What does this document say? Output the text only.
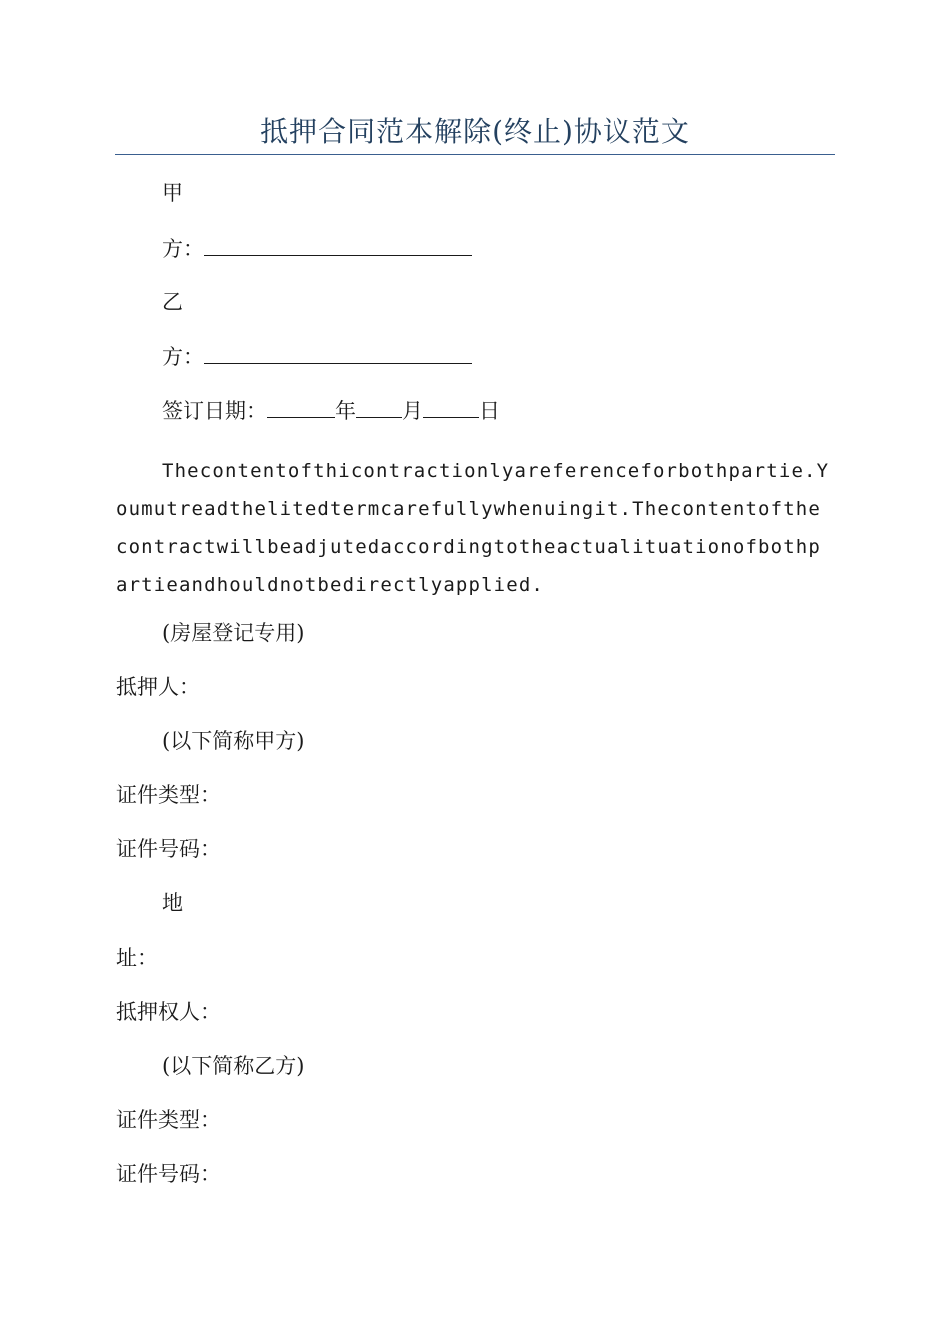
抵押合同范本解除(终止)协议范文
甲
方：
乙
方：
签订日期：	年 月	日
Thecontentofthicontractionlyareferenceforbothpartie.Youmutreadthelitedtermcarefullywhenuingit.Thecontentofthecontractwillbeadjutedaccordingtotheactualituationofbothpartieandhouldnotbedirectlyapplied.
(房屋登记专用)
抵押人：
(以下简称甲方)
证件类型：
证件号码：
地
址：
抵押权人：
(以下简称乙方)
证件类型：
证件号码：
